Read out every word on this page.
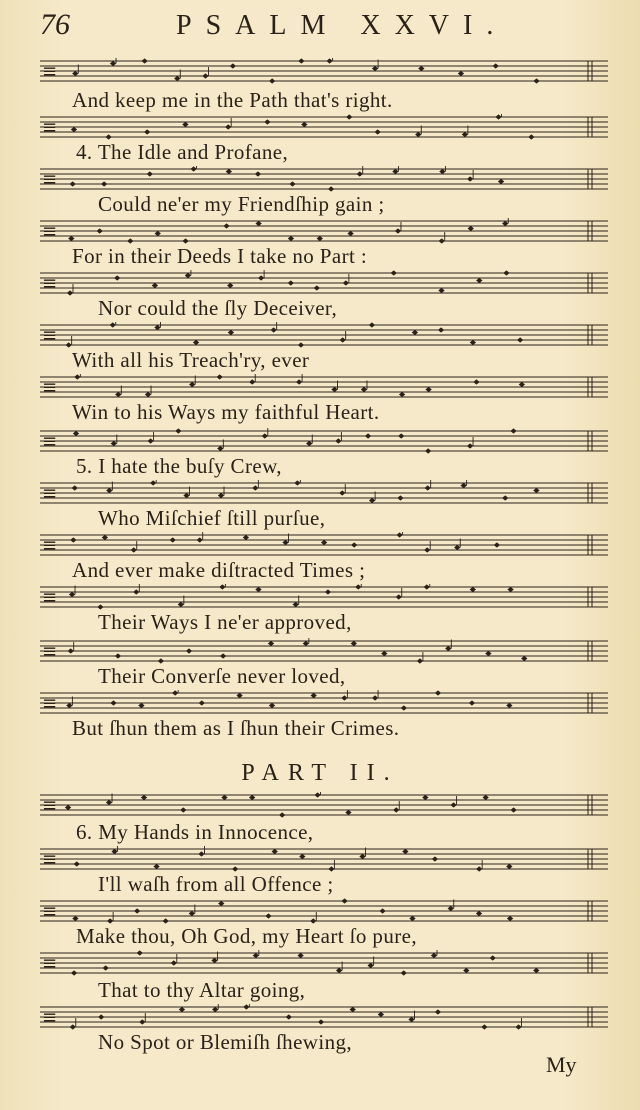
76	PSALM XXVI.
≡
≡
≡
≡
≡
≡
≡
≡
≡
≡
≡
≡
≡
≡
≡
≡
≡
≡
And keep me in the Path that's right.
4. The Idle and Profane,
Could ne'er my Friendſhip gain ;
For in their Deeds I take no Part :
Nor could the ſly Deceiver,
With all his Treach'ry, ever
Win to his Ways my faithful Heart.
5. I hate the buſy Crew,
Who Miſchief ſtill purſue,
And ever make diſtracted Times ;
Their Ways I ne'er approved,
Their Converſe never loved,
But ſhun them as I ſhun their Crimes.
PART II.
6. My Hands in Innocence,
I'll waſh from all Offence ;
Make thou, Oh God, my Heart ſo pure,
That to thy Altar going,
No Spot or Blemiſh ſhewing,
My
